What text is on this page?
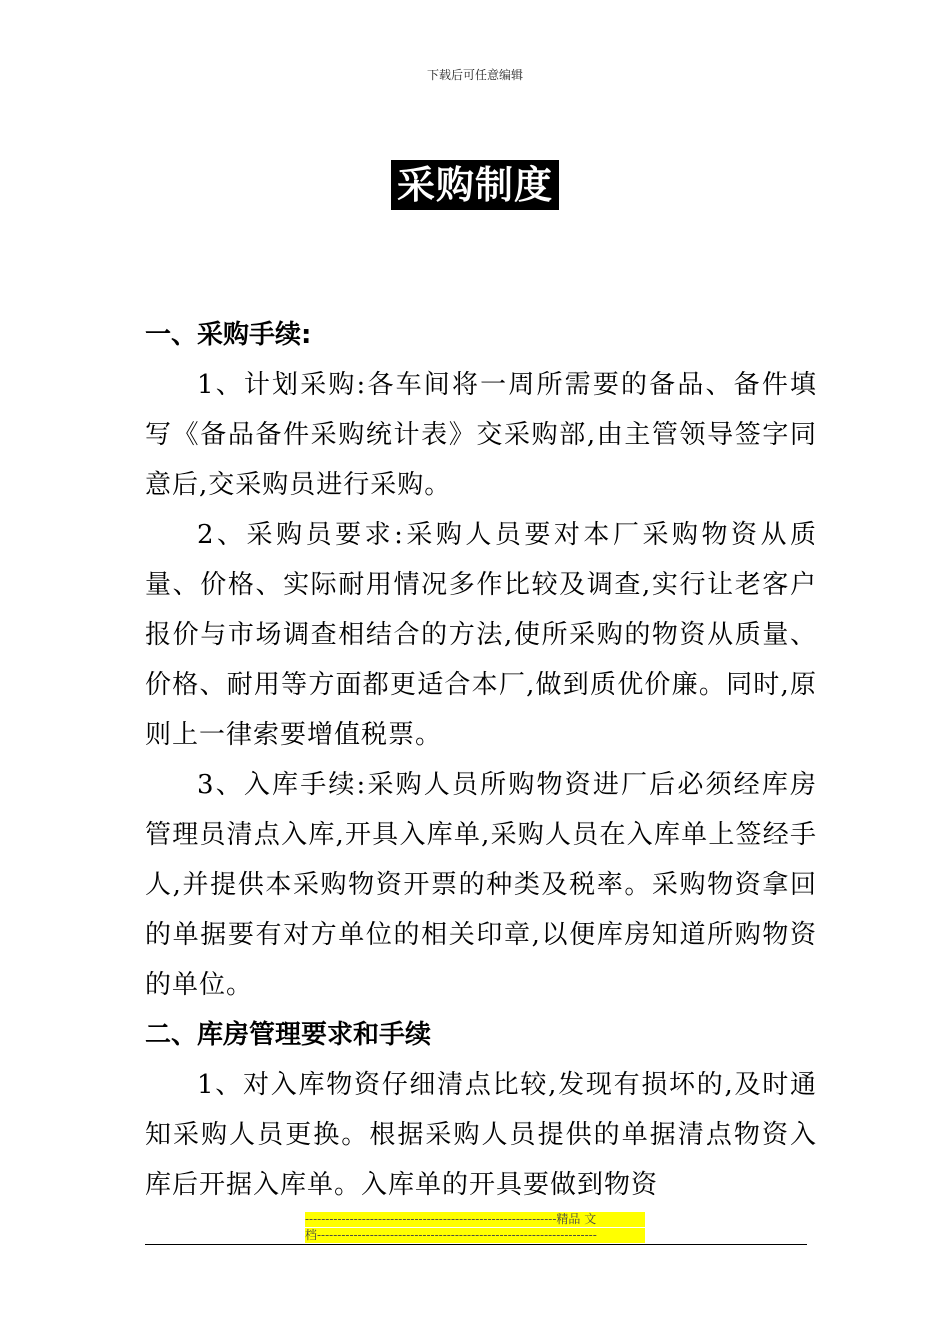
下载后可任意编辑
采购制度

一、采购手续:

1、计划采购:各车间将一周所需要的备品、备件填写《备品备件采购统计表》交采购部,由主管领导签字同意后,交采购员进行采购。

2、采购员要求:采购人员要对本厂采购物资从质量、价格、实际耐用情况多作比较及调查,实行让老客户报价与市场调查相结合的方法,使所采购的物资从质量、价格、耐用等方面都更适合本厂,做到质优价廉。同时,原则上一律索要增值税票。

3、入库手续:采购人员所购物资进厂后必须经库房管理员清点入库,开具入库单,采购人员在入库单上签经手人,并提供本采购物资开票的种类及税率。采购物资拿回的单据要有对方单位的相关印章,以便库房知道所购物资的单位。

二、库房管理要求和手续

1、对入库物资仔细清点比较,发现有损坏的,及时通知采购人员更换。根据采购人员提供的单据清点物资入库后开据入库单。入库单的开具要做到物资

--------------------------------------------------------------精品 文
档---------------------------------------------------------------------
